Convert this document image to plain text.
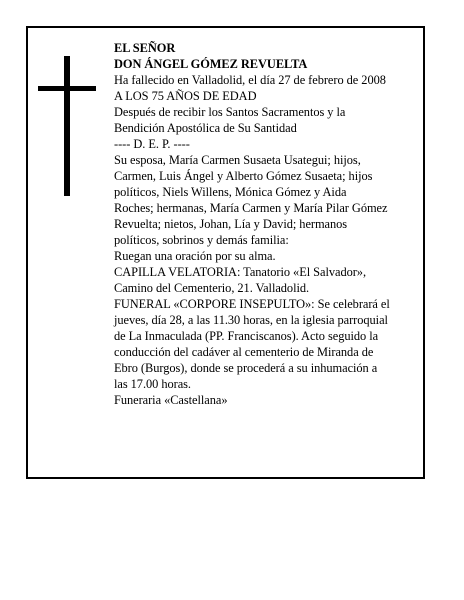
EL SEÑOR
DON ÁNGEL GÓMEZ REVUELTA
Ha fallecido en Valladolid, el día 27 de febrero de 2008
A LOS 75 AÑOS DE EDAD
Después de recibir los Santos Sacramentos y la
Bendición Apostólica de Su Santidad
---- D. E. P. ----
Su esposa, María Carmen Susaeta Usategui; hijos,
Carmen, Luis Ángel y Alberto Gómez Susaeta; hijos
políticos, Niels Willens, Mónica Gómez y Aida
Roches; hermanas, María Carmen y María Pilar Gómez
Revuelta; nietos, Johan, Lía y David; hermanos
políticos, sobrinos y demás familia:
Ruegan una oración por su alma.
CAPILLA VELATORIA: Tanatorio «El Salvador»,
Camino del Cementerio, 21. Valladolid.
FUNERAL «CORPORE INSEPULTO»: Se celebrará el
jueves, día 28, a las 11.30 horas, en la iglesia parroquial
de La Inmaculada (PP. Franciscanos). Acto seguido la
conducción del cadáver al cementerio de Miranda de
Ebro (Burgos), donde se procederá a su inhumación a
las 17.00 horas.
Funeraria «Castellana»
